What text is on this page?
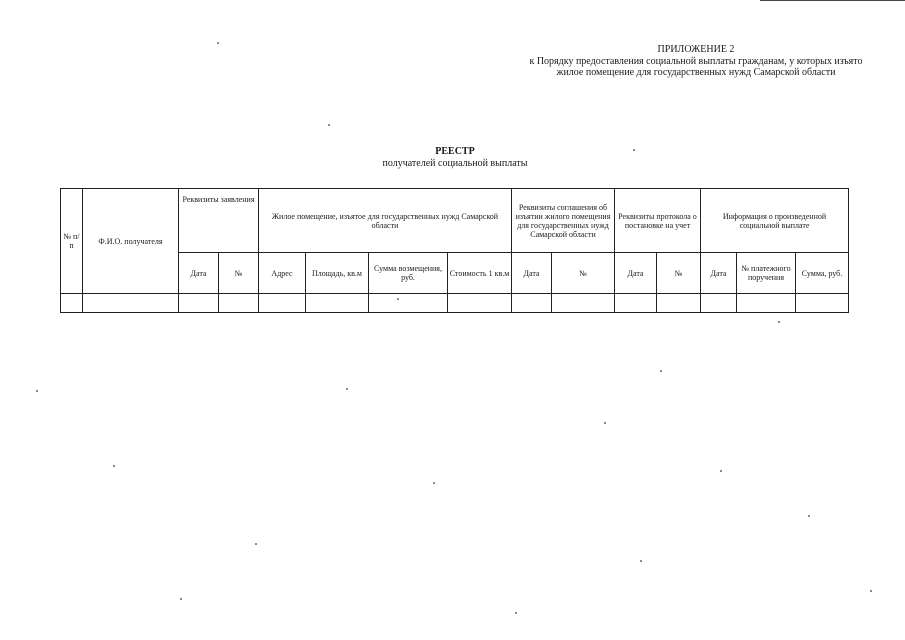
ПРИЛОЖЕНИЕ 2
к Порядку предоставления социальной выплаты гражданам, у которых изъято жилое помещение для государственных нужд Самарской области
РЕЕСТР
получателей социальной выплаты
№ п/п	Ф.И.О. получателя	Реквизиты заявления		Жилое помещение, изъятое для государственных нужд Самарской области				Реквизиты соглашения об изъятии жилого помещения для государственных нужд Самарской области		Реквизиты протокола о постановке на учет		Информация о произведенной социальной выплате		
		Дата	№	Адрес	Площадь, кв.м	Сумма возмещения, руб.	Стоимость 1 кв.м	Дата	№	Дата	№	Дата	№ платежного поручения	Сумма, руб.
